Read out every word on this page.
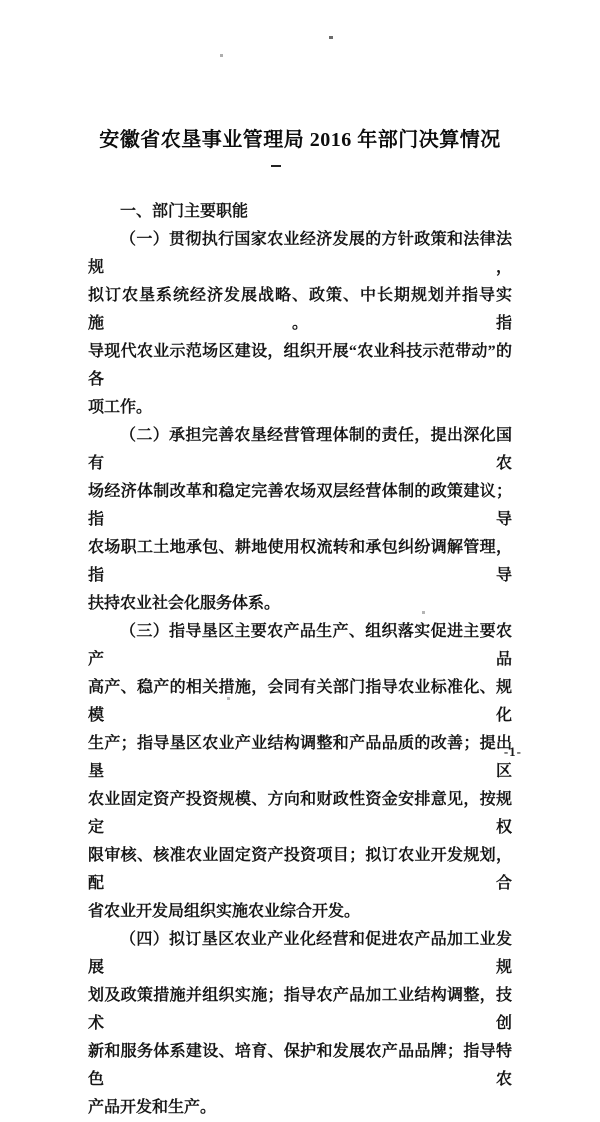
安徽省农垦事业管理局 2016 年部门决算情况
一、部门主要职能
（一）贯彻执行国家农业经济发展的方针政策和法律法规，
拟订农垦系统经济发展战略、政策、中长期规划并指导实施。指
导现代农业示范场区建设，组织开展“农业科技示范带动”的各
项工作。
（二）承担完善农垦经营管理体制的责任，提出深化国有农
场经济体制改革和稳定完善农场双层经营体制的政策建议；指导
农场职工土地承包、耕地使用权流转和承包纠纷调解管理，指导
扶持农业社会化服务体系。
（三）指导垦区主要农产品生产、组织落实促进主要农产品
高产、稳产的相关措施，会同有关部门指导农业标准化、规模化
生产；指导垦区农业产业结构调整和产品品质的改善；提出垦区
农业固定资产投资规模、方向和财政性资金安排意见，按规定权
限审核、核准农业固定资产投资项目；拟订农业开发规划，配合
省农业开发局组织实施农业综合开发。
（四）拟订垦区农业产业化经营和促进农产品加工业发展规
划及政策措施并组织实施；指导农产品加工业结构调整，技术创
新和服务体系建设、培育、保护和发展农产品品牌；指导特色农
产品开发和生产。
-1-
